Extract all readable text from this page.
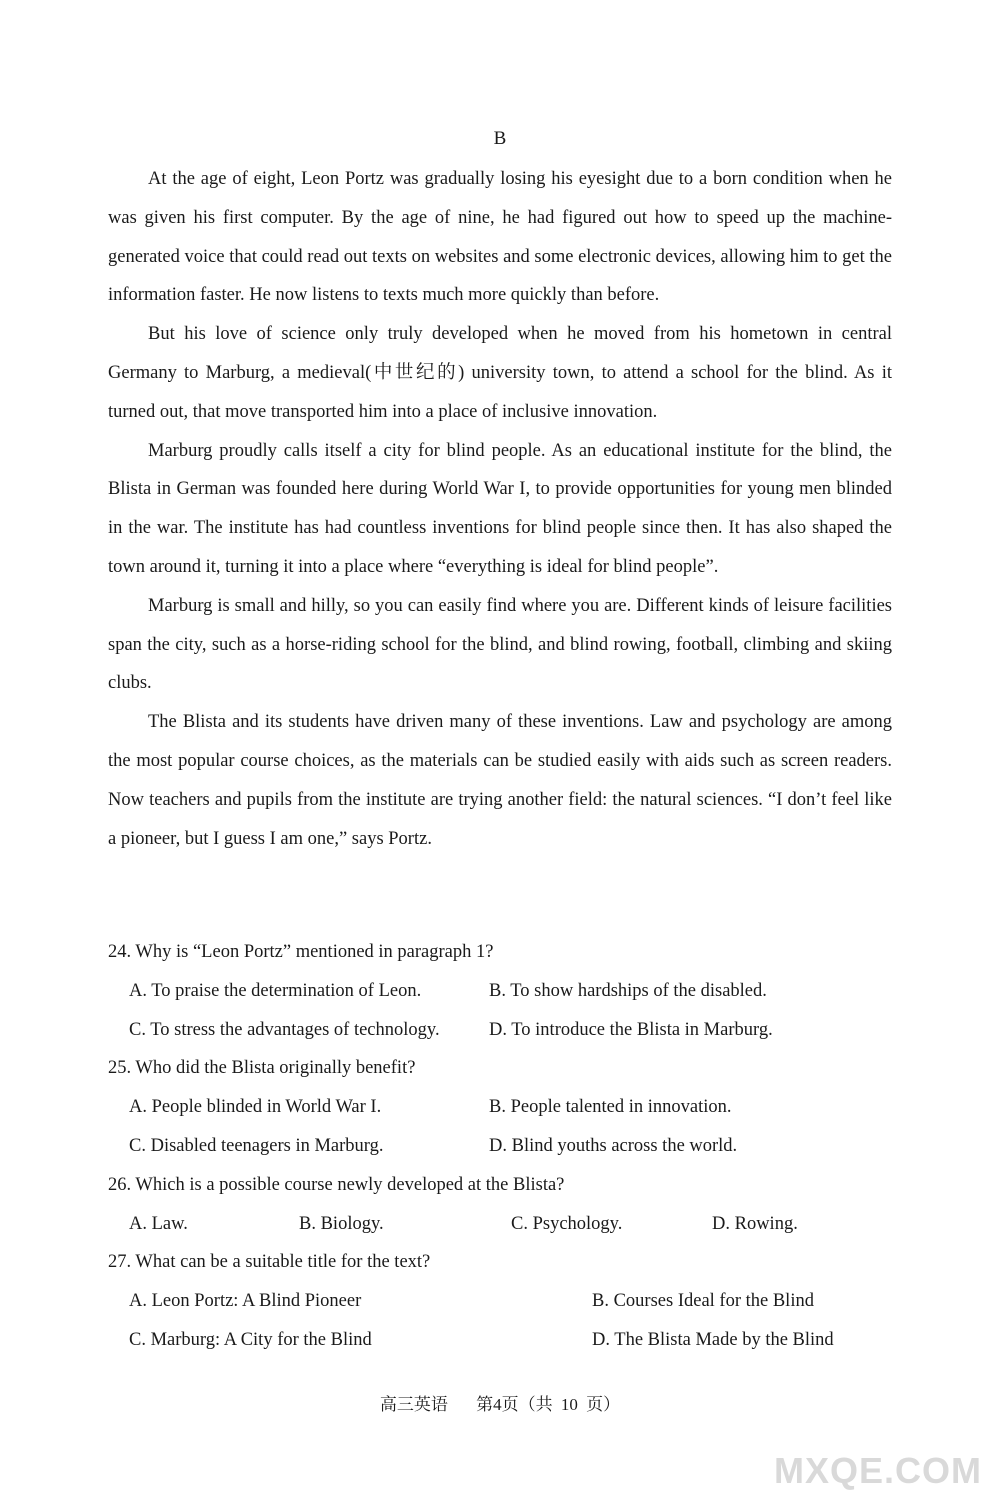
B

At the age of eight, Leon Portz was gradually losing his eyesight due to a born condition when he was given his first computer. By the age of nine, he had figured out how to speed up the machine-generated voice that could read out texts on websites and some electronic devices, allowing him to get the information faster. He now listens to texts much more quickly than before.

But his love of science only truly developed when he moved from his hometown in central Germany to Marburg, a medieval(中世纪的) university town, to attend a school for the blind. As it turned out, that move transported him into a place of inclusive innovation.

Marburg proudly calls itself a city for blind people. As an educational institute for the blind, the Blista in German was founded here during World War I, to provide opportunities for young men blinded in the war. The institute has had countless inventions for blind people since then. It has also shaped the town around it, turning it into a place where “everything is ideal for blind people”.

Marburg is small and hilly, so you can easily find where you are. Different kinds of leisure facilities span the city, such as a horse-riding school for the blind, and blind rowing, football, climbing and skiing clubs.

The Blista and its students have driven many of these inventions. Law and psychology are among the most popular course choices, as the materials can be studied easily with aids such as screen readers. Now teachers and pupils from the institute are trying another field: the natural sciences. “I don’t feel like a pioneer, but I guess I am one,” says Portz.

24. Why is “Leon Portz” mentioned in paragraph 1?

A. To praise the determination of Leon.	B. To show hardships of the disabled.
C. To stress the advantages of technology.	D. To introduce the Blista in Marburg.

25. Who did the Blista originally benefit?

A. People blinded in World War I.	B. People talented in innovation.
C. Disabled teenagers in Marburg.	D. Blind youths across the world.

26. Which is a possible course newly developed at the Blista?

A. Law.	B. Biology.	C. Psychology.	D. Rowing.

27. What can be a suitable title for the text?

A. Leon Portz: A Blind Pioneer	B. Courses Ideal for the Blind
C. Marburg: A City for the Blind	D. The Blista Made by the Blind
高三英语 第4页（共 10 页）
MXQE.COM
